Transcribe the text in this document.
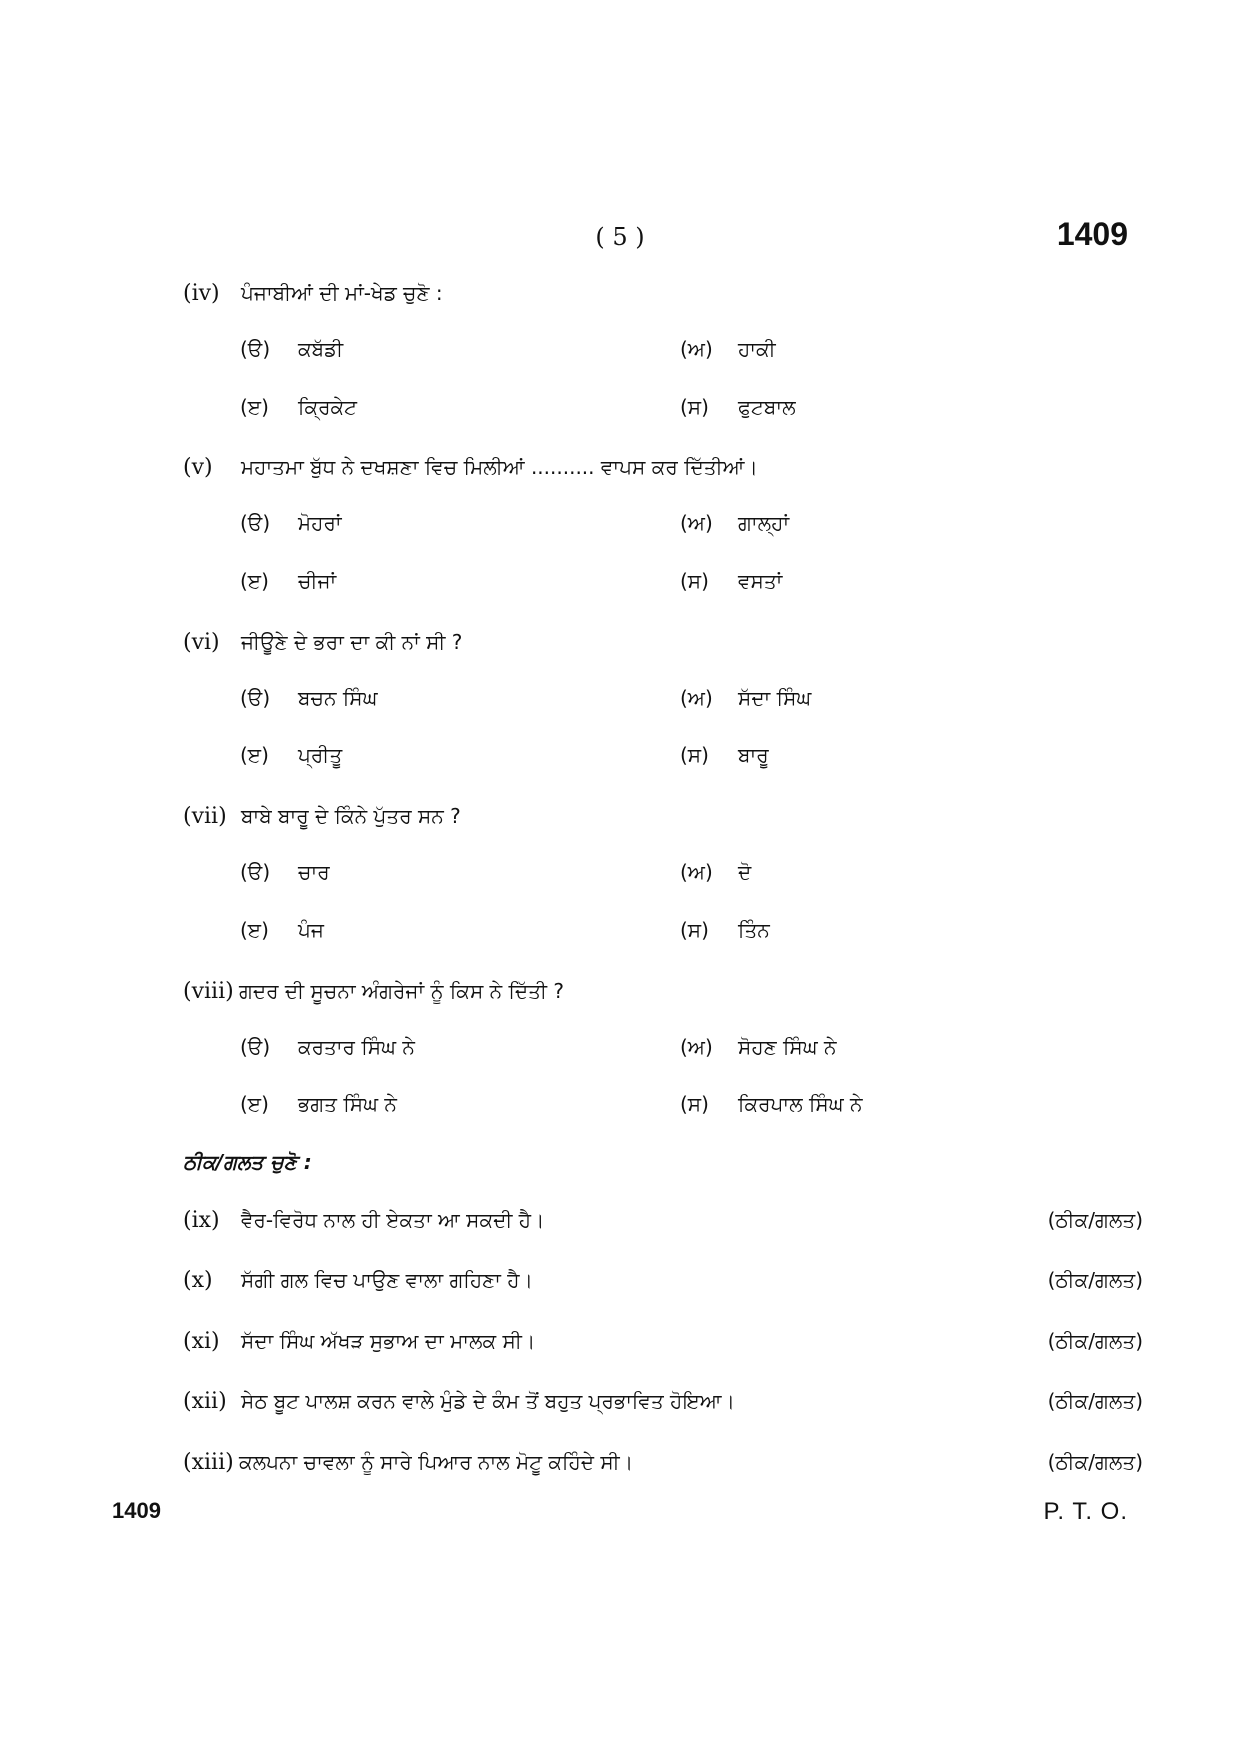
( 5 )	1409
(iv) ਪੰਜਾਬੀਆਂ ਦੀ ਮਾਂ-ਖੇਡ ਚੁਣੋ :
(ੳ) ਕਬੱਡੀ	(ਅ) ਹਾਕੀ
(ੲ) ਕ੍ਰਿਕੇਟ	(ਸ) ਫੁਟਬਾਲ
(v) ਮਹਾਤਮਾ ਬੁੱਧ ਨੇ ਦਖਸ਼ਣਾ ਵਿਚ ਮਿਲੀਆਂ .......... ਵਾਪਸ ਕਰ ਦਿੱਤੀਆਂ।
(ੳ) ਮੋਹਰਾਂ	(ਅ) ਗਾਲ੍ਹਾਂ
(ੲ) ਚੀਜਾਂ	(ਸ) ਵਸਤਾਂ
(vi) ਜੀਊਣੇ ਦੇ ਭਰਾ ਦਾ ਕੀ ਨਾਂ ਸੀ ?
(ੳ) ਬਚਨ ਸਿੰਘ	(ਅ) ਸੱਦਾ ਸਿੰਘ
(ੲ) ਪ੍ਰੀਤੂ	(ਸ) ਬਾਰੂ
(vii) ਬਾਬੇ ਬਾਰੂ ਦੇ ਕਿੰਨੇ ਪੁੱਤਰ ਸਨ ?
(ੳ) ਚਾਰ	(ਅ) ਦੋ
(ੲ) ਪੰਜ	(ਸ) ਤਿੰਨ
(viii) ਗਦਰ ਦੀ ਸੂਚਨਾ ਅੰਗਰੇਜਾਂ ਨੂੰ ਕਿਸ ਨੇ ਦਿੱਤੀ ?
(ੳ) ਕਰਤਾਰ ਸਿੰਘ ਨੇ	(ਅ) ਸੋਹਣ ਸਿੰਘ ਨੇ
(ੲ) ਭਗਤ ਸਿੰਘ ਨੇ	(ਸ) ਕਿਰਪਾਲ ਸਿੰਘ ਨੇ
ਠੀਕ/ਗਲਤ ਚੁਣੋ :
(ix) ਵੈਰ-ਵਿਰੋਧ ਨਾਲ ਹੀ ਏਕਤਾ ਆ ਸਕਦੀ ਹੈ।	(ਠੀਕ/ਗਲਤ)
(x) ਸੱਗੀ ਗਲ ਵਿਚ ਪਾਉਣ ਵਾਲਾ ਗਹਿਣਾ ਹੈ।	(ਠੀਕ/ਗਲਤ)
(xi) ਸੱਦਾ ਸਿੰਘ ਅੱਖੜ ਸੁਭਾਅ ਦਾ ਮਾਲਕ ਸੀ।	(ਠੀਕ/ਗਲਤ)
(xii) ਸੇਠ ਬੂਟ ਪਾਲਸ਼ ਕਰਨ ਵਾਲੇ ਮੁੰਡੇ ਦੇ ਕੰਮ ਤੋਂ ਬਹੁਤ ਪ੍ਰਭਾਵਿਤ ਹੋਇਆ।	(ਠੀਕ/ਗਲਤ)
(xiii) ਕਲਪਨਾ ਚਾਵਲਾ ਨੂੰ ਸਾਰੇ ਪਿਆਰ ਨਾਲ ਮੋਟੂ ਕਹਿੰਦੇ ਸੀ।	(ਠੀਕ/ਗਲਤ)
1409	P. T. O.
